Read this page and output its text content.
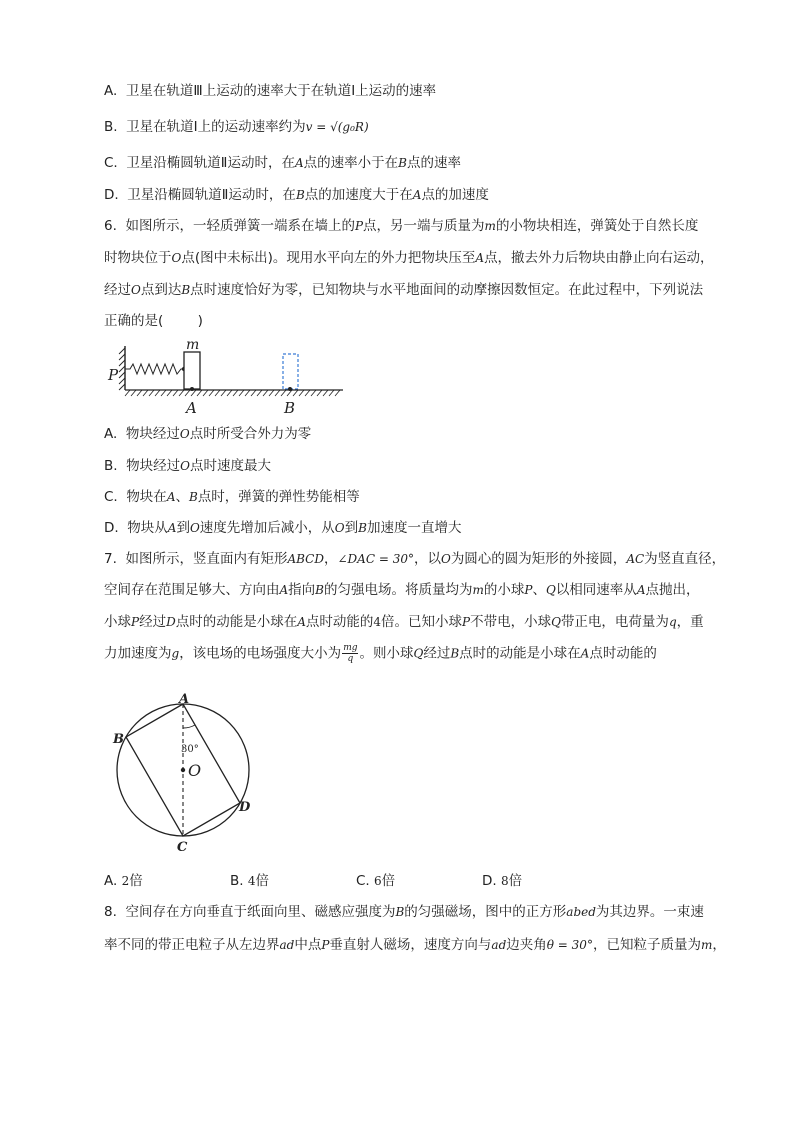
A. 卫星在轨道Ⅲ上运动的速率大于在轨道Ⅰ上运动的速率
B. 卫星在轨道Ⅰ上的运动速率约为v = √(g₀R)
C. 卫星沿椭圆轨道Ⅱ运动时，在A点的速率小于在B点的速率
D. 卫星沿椭圆轨道Ⅱ运动时，在B点的加速度大于在A点的加速度
6.  如图所示，一轻质弹簧一端系在墙上的P点，另一端与质量为m的小物块相连，弹簧处于自然长度
时物块位于O点(图中未标出)。现用水平向左的外力把物块压至A点，撤去外力后物块由静止向右运动，
经过O点到达B点时速度恰好为零，已知物块与水平地面间的动摩擦因数恒定。在此过程中，下列说法
正确的是(        )
P
m
A	B
A. 物块经过O点时所受合外力为零
B. 物块经过O点时速度最大
C. 物块在A、B点时，弹簧的弹性势能相等
D. 物块从A到O速度先增加后减小，从O到B加速度一直增大
7.  如图所示，竖直面内有矩形ABCD，∠DAC = 30°，以O为圆心的圆为矩形的外接圆，AC为竖直直径，
空间存在范围足够大、方向由A指向B的匀强电场。将质量均为m的小球P、Q以相同速率从A点抛出，
小球P经过D点时的动能是小球在A点时动能的4倍。已知小球P不带电，小球Q带正电，电荷量为q，重
力加速度为g，该电场的电场强度大小为 $\frac{mg}{q}$ 。则小球Q经过B点时的动能是小球在A点时动能的
A
B
C
D
O
30°
A. 2倍	B. 4倍	C. 6倍	D. 8倍
8.  空间存在方向垂直于纸面向里、磁感应强度为B的匀强磁场，图中的正方形abed为其边界。一束速
率不同的带正电粒子从左边界ad中点P垂直射人磁场，速度方向与ad边夹角θ = 30°，已知粒子质量为m，
